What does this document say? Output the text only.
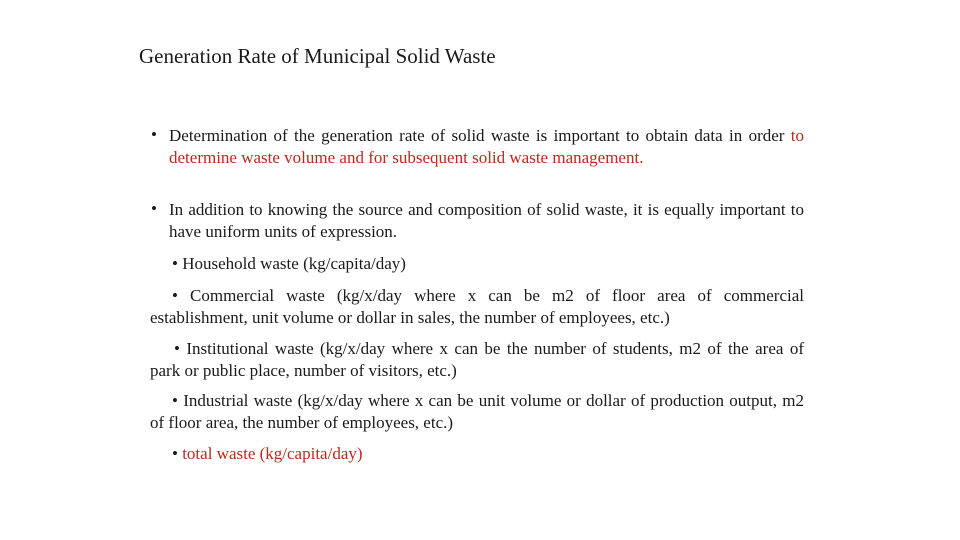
Generation Rate of Municipal Solid Waste

• Determination of the generation rate of solid waste is important to obtain data in order to determine waste volume and for subsequent solid waste management.

• In addition to knowing the source and composition of solid waste, it is equally important to have uniform units of expression.

• Household waste (kg/capita/day)

• Commercial waste (kg/x/day where x can be m2 of floor area of commercial establishment, unit volume or dollar in sales, the number of employees, etc.)

• Institutional waste (kg/x/day where x can be the number of students, m2 of the area of park or public place, number of visitors, etc.)

• Industrial waste (kg/x/day where x can be unit volume or dollar of production output, m2 of floor area, the number of employees, etc.)

• total waste (kg/capita/day)
